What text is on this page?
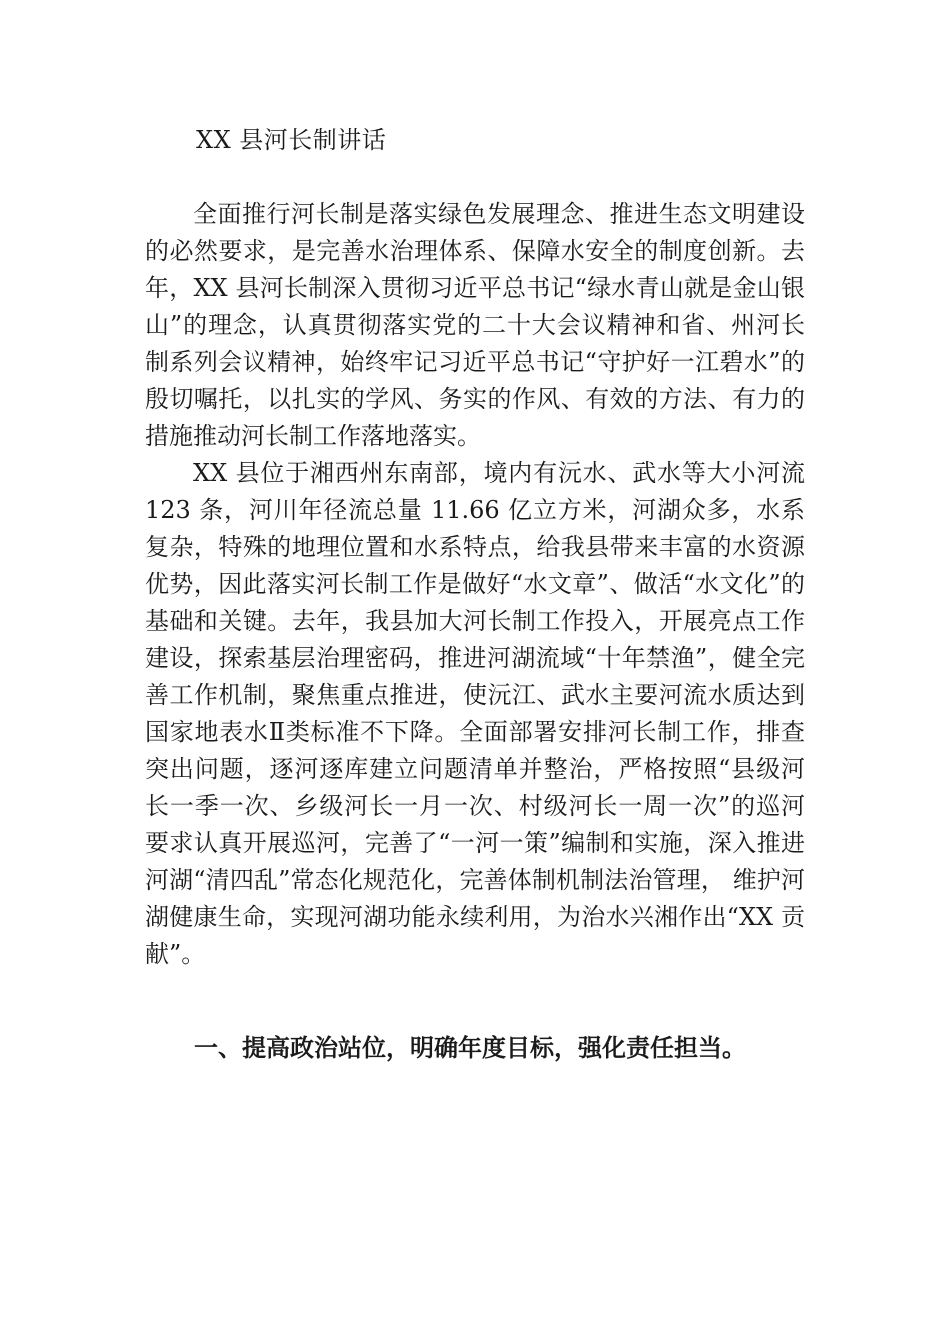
XX 县河长制讲话

全面推行河长制是落实绿色发展理念、推进生态文明建设的必然要求，是完善水治理体系、保障水安全的制度创新。去年，XX 县河长制深入贯彻习近平总书记“绿水青山就是金山银山”的理念，认真贯彻落实党的二十大会议精神和省、州河长制系列会议精神，始终牢记习近平总书记“守护好一江碧水”的殷切嘱托，以扎实的学风、务实的作风、有效的方法、有力的措施推动河长制工作落地落实。

XX 县位于湘西州东南部，境内有沅水、武水等大小河流 123 条，河川年径流总量 11.66 亿立方米，河湖众多，水系复杂，特殊的地理位置和水系特点，给我县带来丰富的水资源优势，因此落实河长制工作是做好“水文章”、做活“水文化”的基础和关键。去年，我县加大河长制工作投入，开展亮点工作建设，探索基层治理密码，推进河湖流域“十年禁渔”，健全完善工作机制，聚焦重点推进，使沅江、武水主要河流水质达到国家地表水Ⅱ类标准不下降。全面部署安排河长制工作，排查突出问题，逐河逐库建立问题清单并整治，严格按照“县级河长一季一次、乡级河长一月一次、村级河长一周一次”的巡河要求认真开展巡河，完善了“一河一策”编制和实施，深入推进河湖“清四乱”常态化规范化，完善体制机制法治管理， 维护河湖健康生命，实现河湖功能永续利用，为治水兴湘作出“XX 贡献”。

一、提高政治站位，明确年度目标，强化责任担当。
